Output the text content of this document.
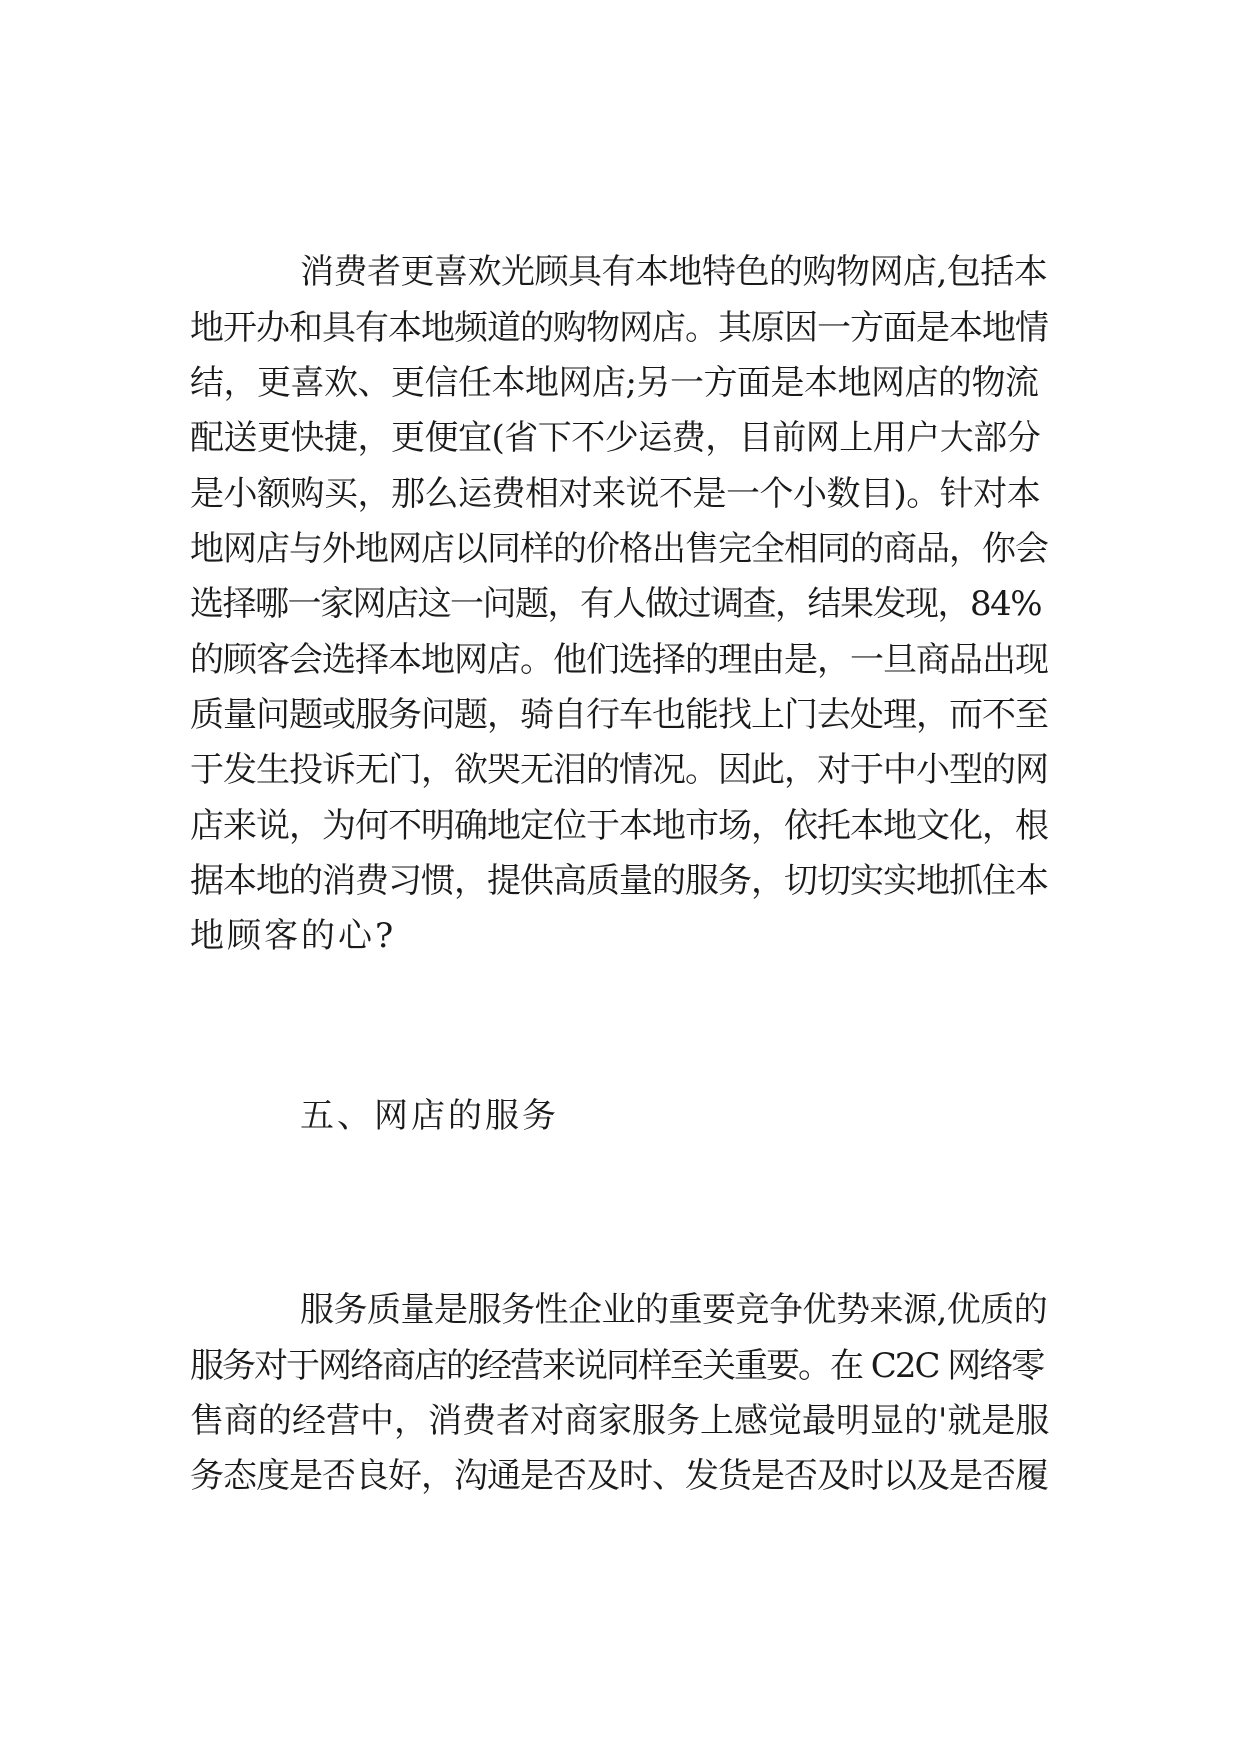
消费者更喜欢光顾具有本地特色的购物网店,包括本
地开办和具有本地频道的购物网店。其原因一方面是本地情
结，更喜欢、更信任本地网店;另一方面是本地网店的物流
配送更快捷，更便宜(省下不少运费，目前网上用户大部分
是小额购买，那么运费相对来说不是一个小数目)。针对本
地网店与外地网店以同样的价格出售完全相同的商品，你会
选择哪一家网店这一问题，有人做过调查，结果发现，84%
的顾客会选择本地网店。他们选择的理由是，一旦商品出现
质量问题或服务问题，骑自行车也能找上门去处理，而不至
于发生投诉无门，欲哭无泪的情况。因此，对于中小型的网
店来说，为何不明确地定位于本地市场，依托本地文化，根
据本地的消费习惯，提供高质量的服务，切切实实地抓住本
地顾客的心?
五、网店的服务
服务质量是服务性企业的重要竞争优势来源,优质的
服务对于网络商店的经营来说同样至关重要。在 C2C 网络零
售商的经营中，消费者对商家服务上感觉最明显的'就是服
务态度是否良好，沟通是否及时、发货是否及时以及是否履
